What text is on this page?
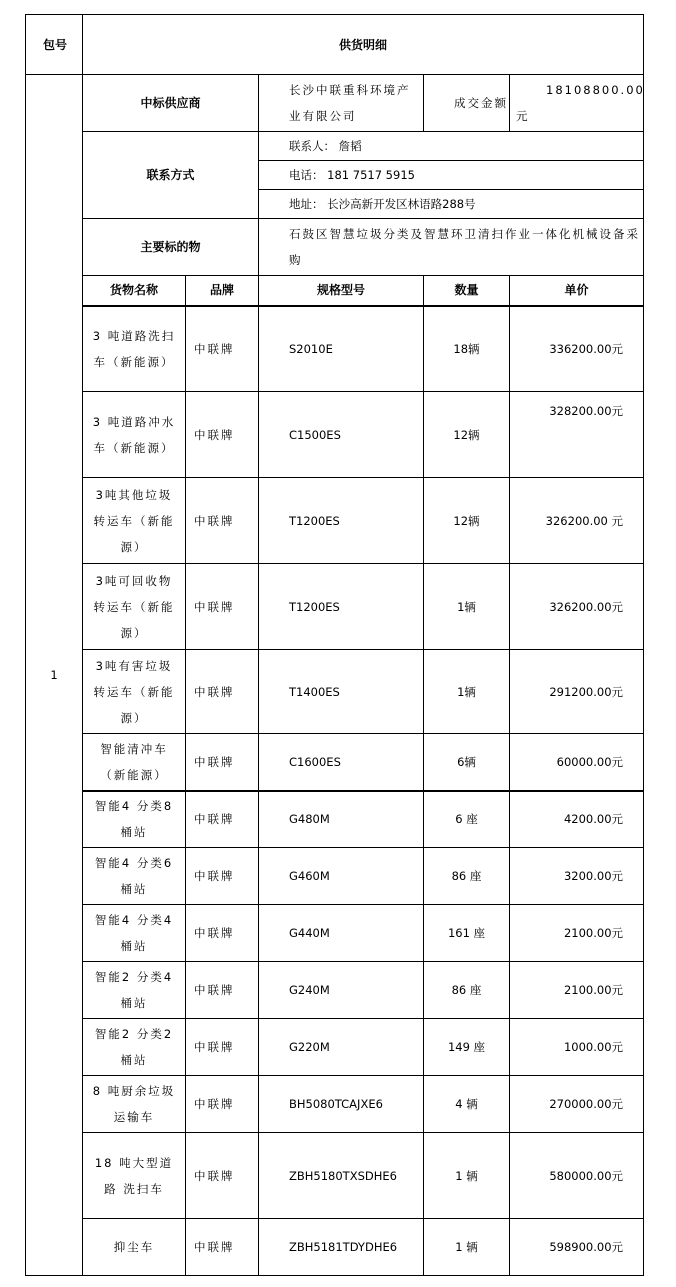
包号	供货明细				
1	中标供应商		长沙中联重科环境产业有限公司	成交金额	18108800.00元

	联系方式		联系人： 詹韬		
			电话： 181 7517 5915		
			地址： 长沙高新开发区林语路288号		
	主要标的物		石鼓区智慧垃圾分类及智慧环卫清扫作业一体化机械设备采购		

	货物名称	品牌	规格型号	数量	单价
	3 吨道路洗扫车（新能源）	中联牌	S2010E	18辆	336200.00元
	3 吨道路冲水车（新能源）	中联牌	C1500ES	12辆	328200.00元
	3吨其他垃圾转运车（新能源）	中联牌	T1200ES	12辆	326200.00 元
	3吨可回收物转运车（新能源）	中联牌	T1200ES	1辆	326200.00元
	3吨有害垃圾转运车（新能源）	中联牌	T1400ES	1辆	291200.00元
	智能清冲车（新能源）	中联牌	C1600ES	6辆	60000.00元
	智能4 分类8 桶站	中联牌	G480M	6 座	4200.00元
	智能4 分类6 桶站	中联牌	G460M	86 座	3200.00元
	智能4 分类4桶站	中联牌	G440M	161 座	2100.00元
	智能2 分类4 桶站	中联牌	G240M	86 座	2100.00元
	智能2 分类2 桶站	中联牌	G220M	149 座	1000.00元
	8 吨厨余垃圾 运输车	中联牌	BH5080TCAJXE6	4 辆	270000.00元
	18 吨大型道路 洗扫车	中联牌	ZBH5180TXSDHE6	1 辆	580000.00元
	抑尘车	中联牌	ZBH5181TDYDHE6	1 辆	598900.00元
